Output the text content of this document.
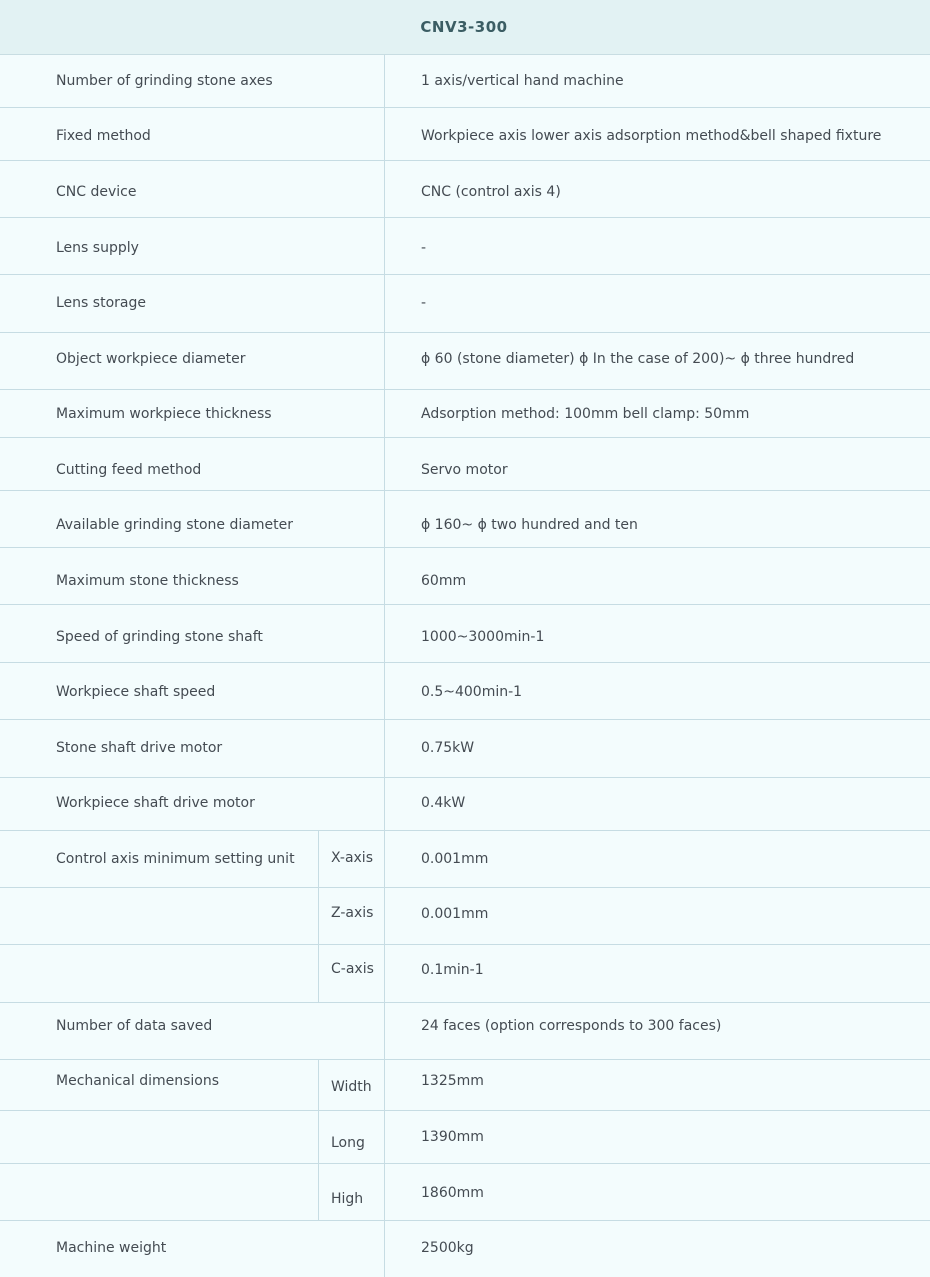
CNV3-300
Number of grinding stone axes	1 axis/vertical hand machine
Fixed method	Workpiece axis lower axis adsorption method&bell shaped fixture
CNC device	CNC (control axis 4)
Lens supply	-
Lens storage	-
Object workpiece diameter	ϕ 60 (stone diameter) ϕ In the case of 200)~ ϕ three hundred
Maximum workpiece thickness	Adsorption method: 100mm bell clamp: 50mm
Cutting feed method	Servo motor
Available grinding stone diameter	ϕ 160~ ϕ two hundred and ten
Maximum stone thickness	60mm
Speed of grinding stone shaft	1000~3000min-1
Workpiece shaft speed	0.5~400min-1
Stone shaft drive motor	0.75kW
Workpiece shaft drive motor	0.4kW
Control axis minimum setting unit	X-axis	0.001mm
Z-axis	0.001mm
C-axis	0.1min-1
Number of data saved	24 faces (option corresponds to 300 faces)
Mechanical dimensions	Width	1325mm
Long	1390mm
High	1860mm
Machine weight	2500kg
